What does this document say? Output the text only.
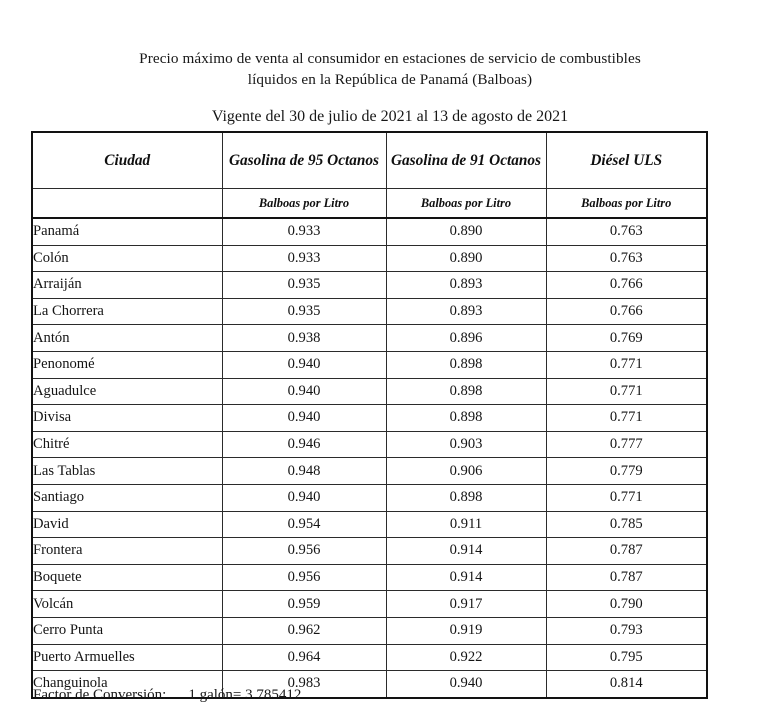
Precio máximo de venta al consumidor en estaciones de servicio de combustibles
líquidos en la República de Panamá (Balboas)
Vigente del 30 de julio de 2021 al 13 de agosto de 2021
Ciudad	Gasolina de 95 Octanos	Gasolina de 91 Octanos	Diésel ULS
	Balboas por Litro	Balboas por Litro	Balboas por Litro
Panamá	0.933	0.890	0.763
Colón	0.933	0.890	0.763
Arraiján	0.935	0.893	0.766
La Chorrera	0.935	0.893	0.766
Antón	0.938	0.896	0.769
Penonomé	0.940	0.898	0.771
Aguadulce	0.940	0.898	0.771
Divisa	0.940	0.898	0.771
Chitré	0.946	0.903	0.777
Las Tablas	0.948	0.906	0.779
Santiago	0.940	0.898	0.771
David	0.954	0.911	0.785
Frontera	0.956	0.914	0.787
Boquete	0.956	0.914	0.787
Volcán	0.959	0.917	0.790
Cerro Punta	0.962	0.919	0.793
Puerto Armuelles	0.964	0.922	0.795
Changuinola	0.983	0.940	0.814
Factor de Conversión: 1 galón= 3.785412
